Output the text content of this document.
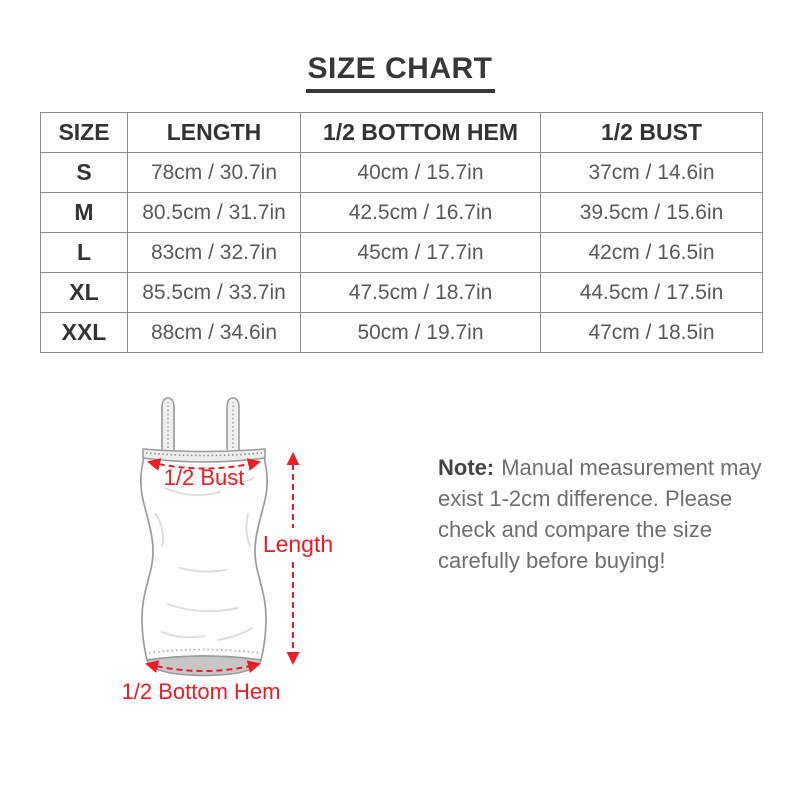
SIZE CHART
SIZE	LENGTH	1/2 BOTTOM HEM	1/2 BUST
S	78cm / 30.7in	40cm / 15.7in	37cm / 14.6in
M	80.5cm / 31.7in	42.5cm / 16.7in	39.5cm / 15.6in
L	83cm / 32.7in	45cm / 17.7in	42cm / 16.5in
XL	85.5cm / 33.7in	47.5cm / 18.7in	44.5cm / 17.5in
XXL	88cm / 34.6in	50cm / 19.7in	47cm / 18.5in
1/2 Bust
Length
1/2 Bottom Hem
Note: Manual measurement may
exist 1-2cm difference. Please
check and compare the size
carefully before buying!
